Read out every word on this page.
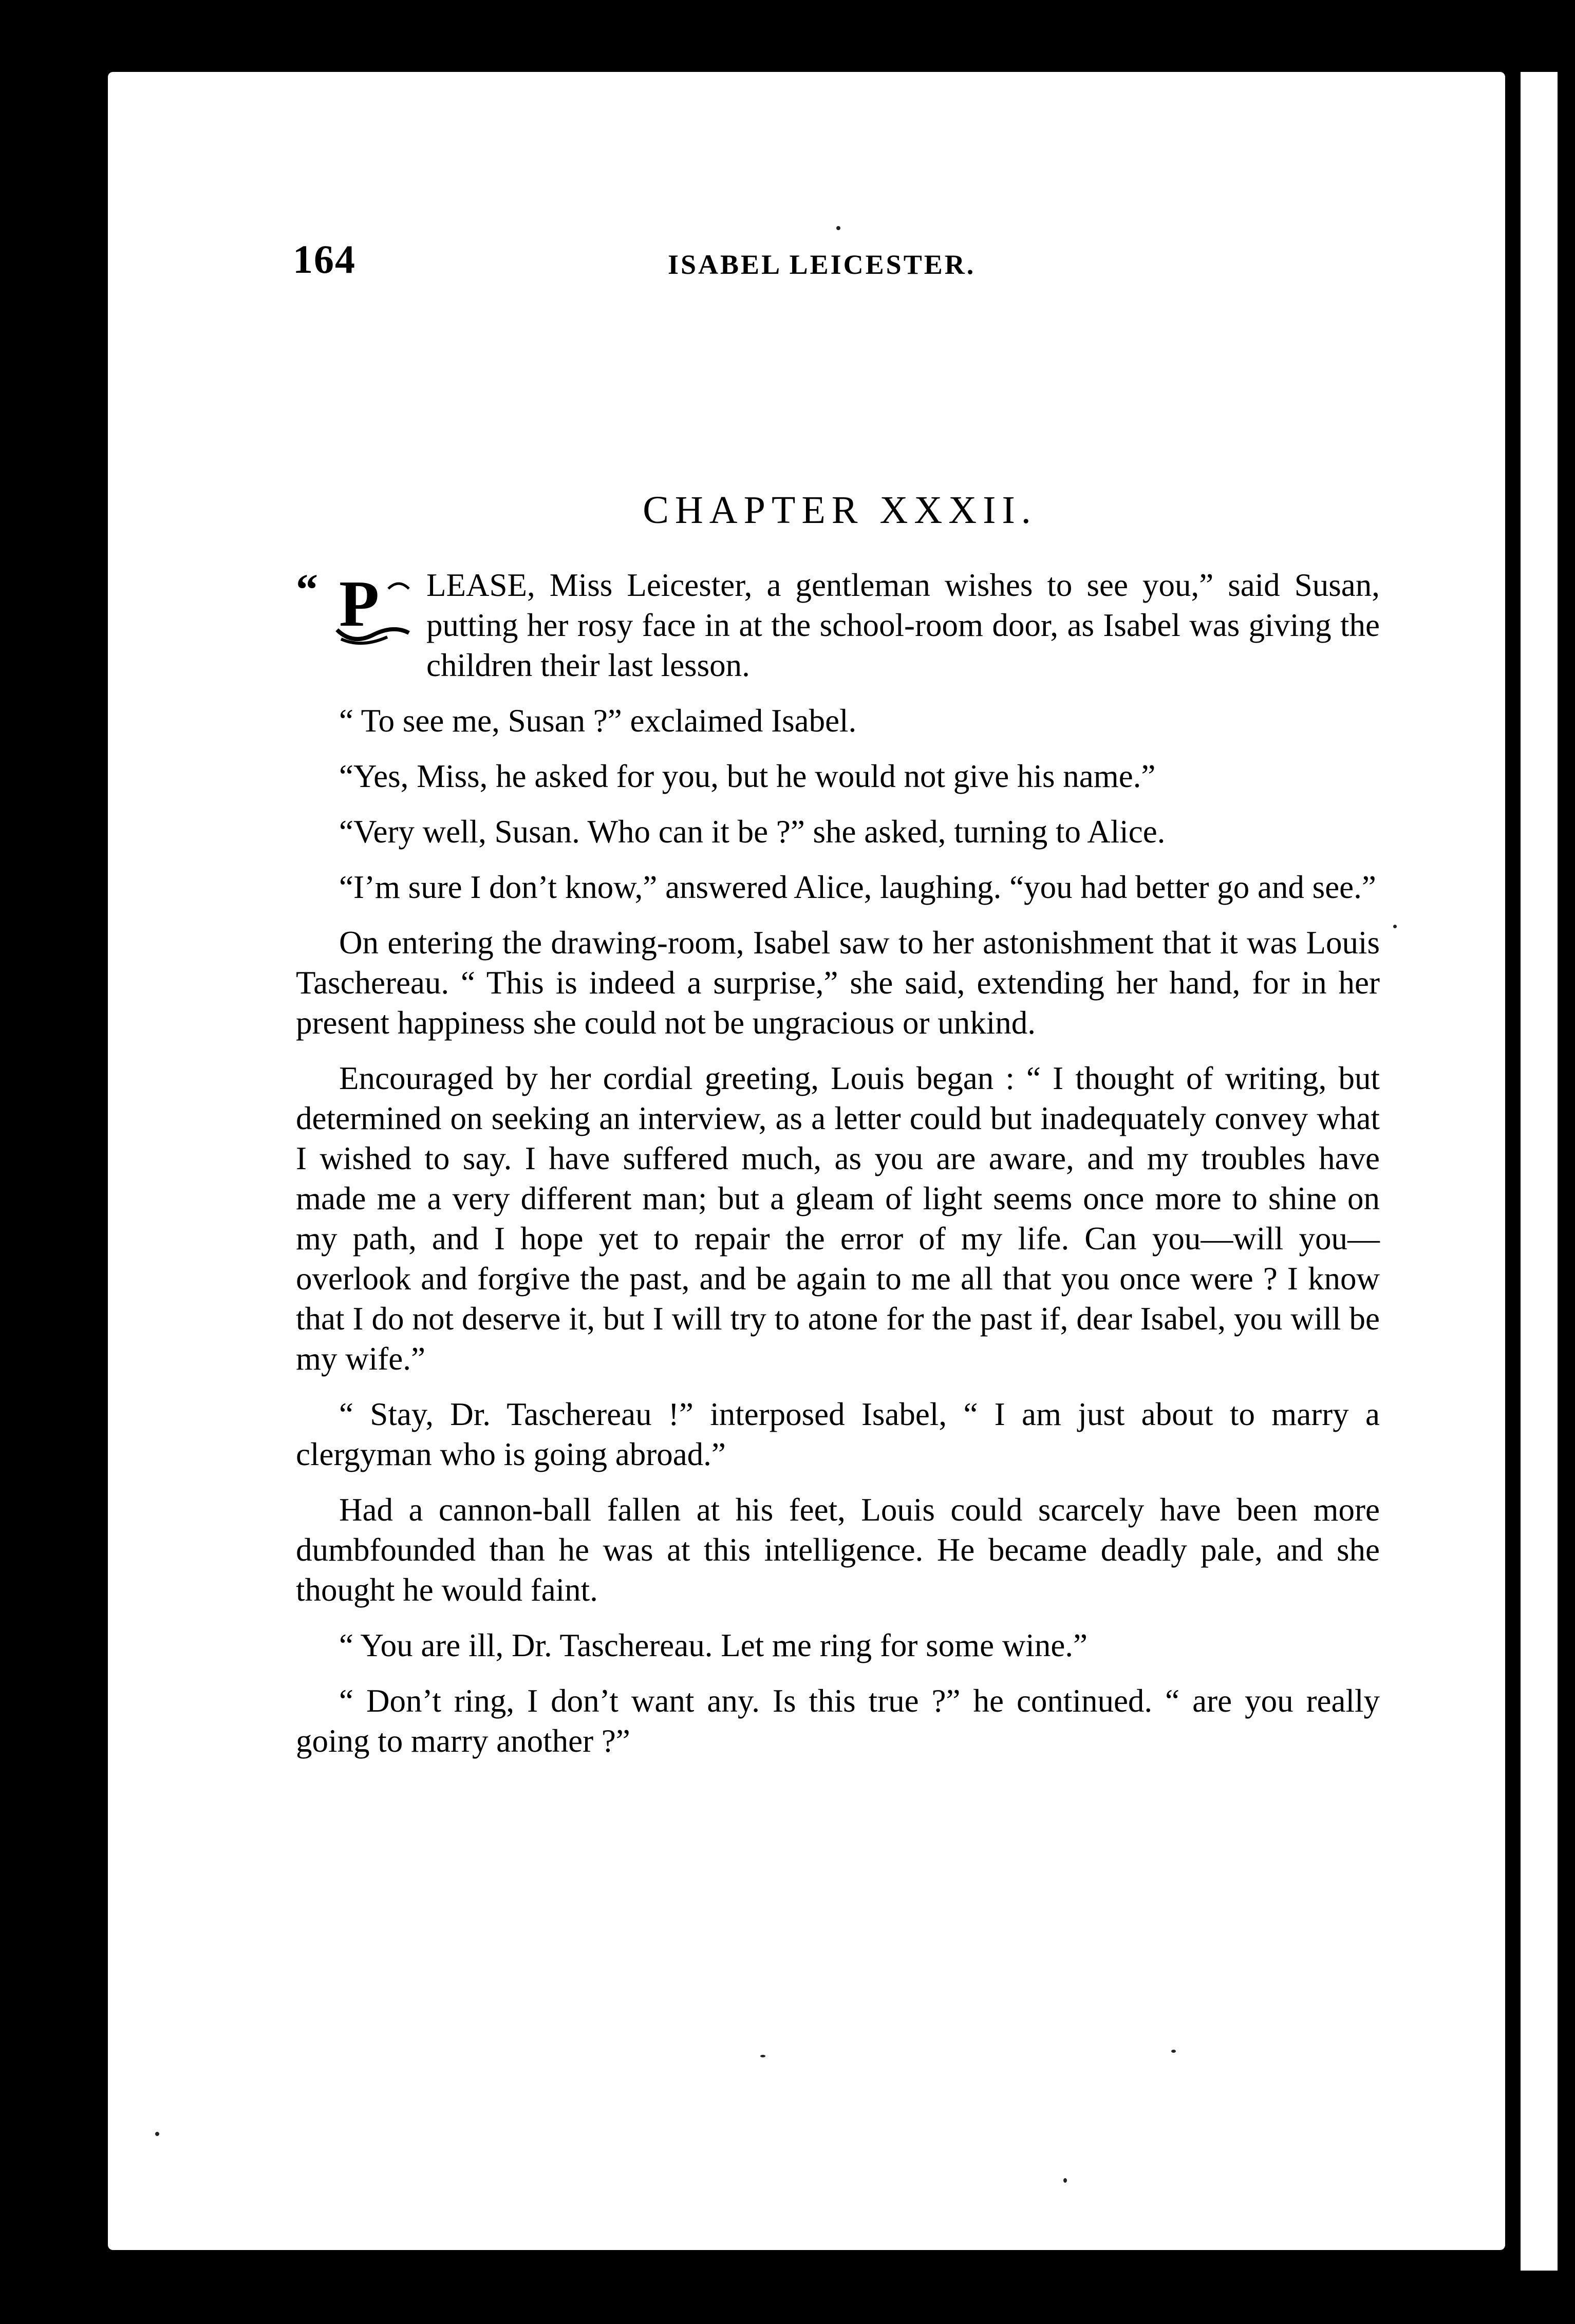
164	ISABEL LEICESTER.
CHAPTER XXXII.

“ P LEASE, Miss Leicester, a gentleman wishes to see you,” said Susan, putting her rosy face in at the school-room door, as Isabel was giving the children their last lesson.

“ To see me, Susan ?” exclaimed Isabel.

“Yes, Miss, he asked for you, but he would not give his name.”

“Very well, Susan. Who can it be ?” she asked, turning to Alice.

“I’m sure I don’t know,” answered Alice, laughing. “you had better go and see.”

On entering the drawing-room, Isabel saw to her astonishment that it was Louis Taschereau. “ This is indeed a surprise,” she said, extending her hand, for in her present happiness she could not be ungracious or unkind.

Encouraged by her cordial greeting, Louis began : “ I thought of writing, but determined on seeking an interview, as a letter could but inadequately convey what I wished to say. I have suffered much, as you are aware, and my troubles have made me a very different man; but a gleam of light seems once more to shine on my path, and I hope yet to repair the error of my life. Can you—will you—overlook and forgive the past, and be again to me all that you once were ? I know that I do not deserve it, but I will try to atone for the past if, dear Isabel, you will be my wife.”

“ Stay, Dr. Taschereau !” interposed Isabel, “ I am just about to marry a clergyman who is going abroad.”

Had a cannon-ball fallen at his feet, Louis could scarcely have been more dumbfounded than he was at this intelligence. He became deadly pale, and she thought he would faint.

“ You are ill, Dr. Taschereau. Let me ring for some wine.”

“ Don’t ring, I don’t want any. Is this true ?” he continued. “ are you really going to marry another ?”
